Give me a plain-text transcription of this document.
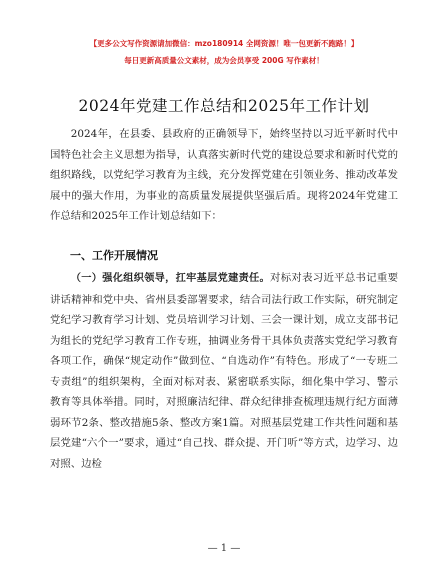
【更多公文写作资源请加微信：mzo180914 全网资源！唯一包更新不跑路！】
每日更新高质量公文素材，成为会员享受 200G 写作素材！
2024年党建工作总结和2025年工作计划

2024年，在县委、县政府的正确领导下，始终坚持以习近平新时代中国特色社会主义思想为指导，认真落实新时代党的建设总要求和新时代党的组织路线，以党纪学习教育为主线，充分发挥党建在引领业务、推动改革发展中的强大作用，为事业的高质量发展提供坚强后盾。现将2024年党建工作总结和2025年工作计划总结如下：

一、工作开展情况

（一）强化组织领导，扛牢基层党建责任。对标对表习近平总书记重要讲话精神和党中央、省州县委部署要求，结合司法行政工作实际，研究制定党纪学习教育学习计划、党员培训学习计划、三会一课计划，成立支部书记为组长的党纪学习教育工作专班，抽调业务骨干具体负责落实党纪学习教育各项工作，确保“规定动作”做到位、“自选动作”有特色。形成了“一专班二专责组”的组织架构，全面对标对表、紧密联系实际，细化集中学习、警示教育等具体举措。同时，对照廉洁纪律、群众纪律排查梳理违规行纪方面薄弱环节2条、整改措施5条、整改方案1篇。对照基层党建工作共性问题和基层党建“六个一”要求，通过“自己找、群众提、开门听”等方式，边学习、边对照、边检

— 1 —
